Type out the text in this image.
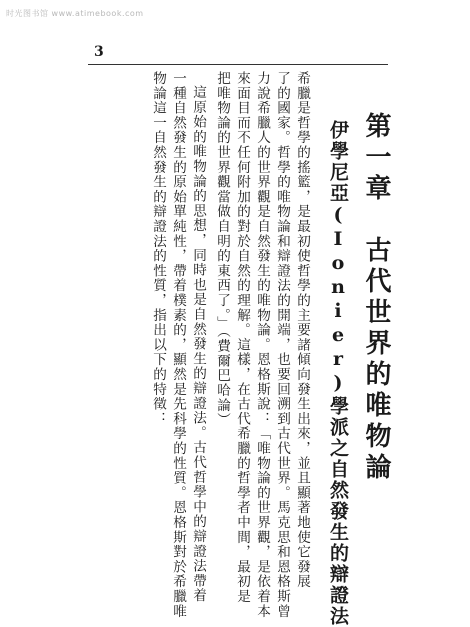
时光图书馆 www.atimebook.com
3
第一章　古代世界的唯物論
伊學尼亞(Ionier)學派之自然發生的辯證法
希臘是哲學的搖籃，是最初使哲學的主要諸傾向發生出來，並且顯著地使它發展
了的國家。哲學的唯物論和辯證法的開端，也要回溯到古代世界。馬克思和恩格斯曾
力說希臘人的世界觀是自然發生的唯物論。恩格斯說：「唯物論的世界觀，是依着本
來面目而不任何附加的對於自然的理解。這樣，在古代希臘的哲學者中間，最初是
把唯物論的世界觀當做自明的東西了。」（費爾巴哈論）
這原始的唯物論的思想，同時也是自然發生的辯證法。古代哲學中的辯證法帶着
一種自然發生的原始單純性，帶着樸素的，顯然是先科學的性質。恩格斯對於希臘唯
物論這一自然發生的辯證法的性質，指出以下的特徵：
